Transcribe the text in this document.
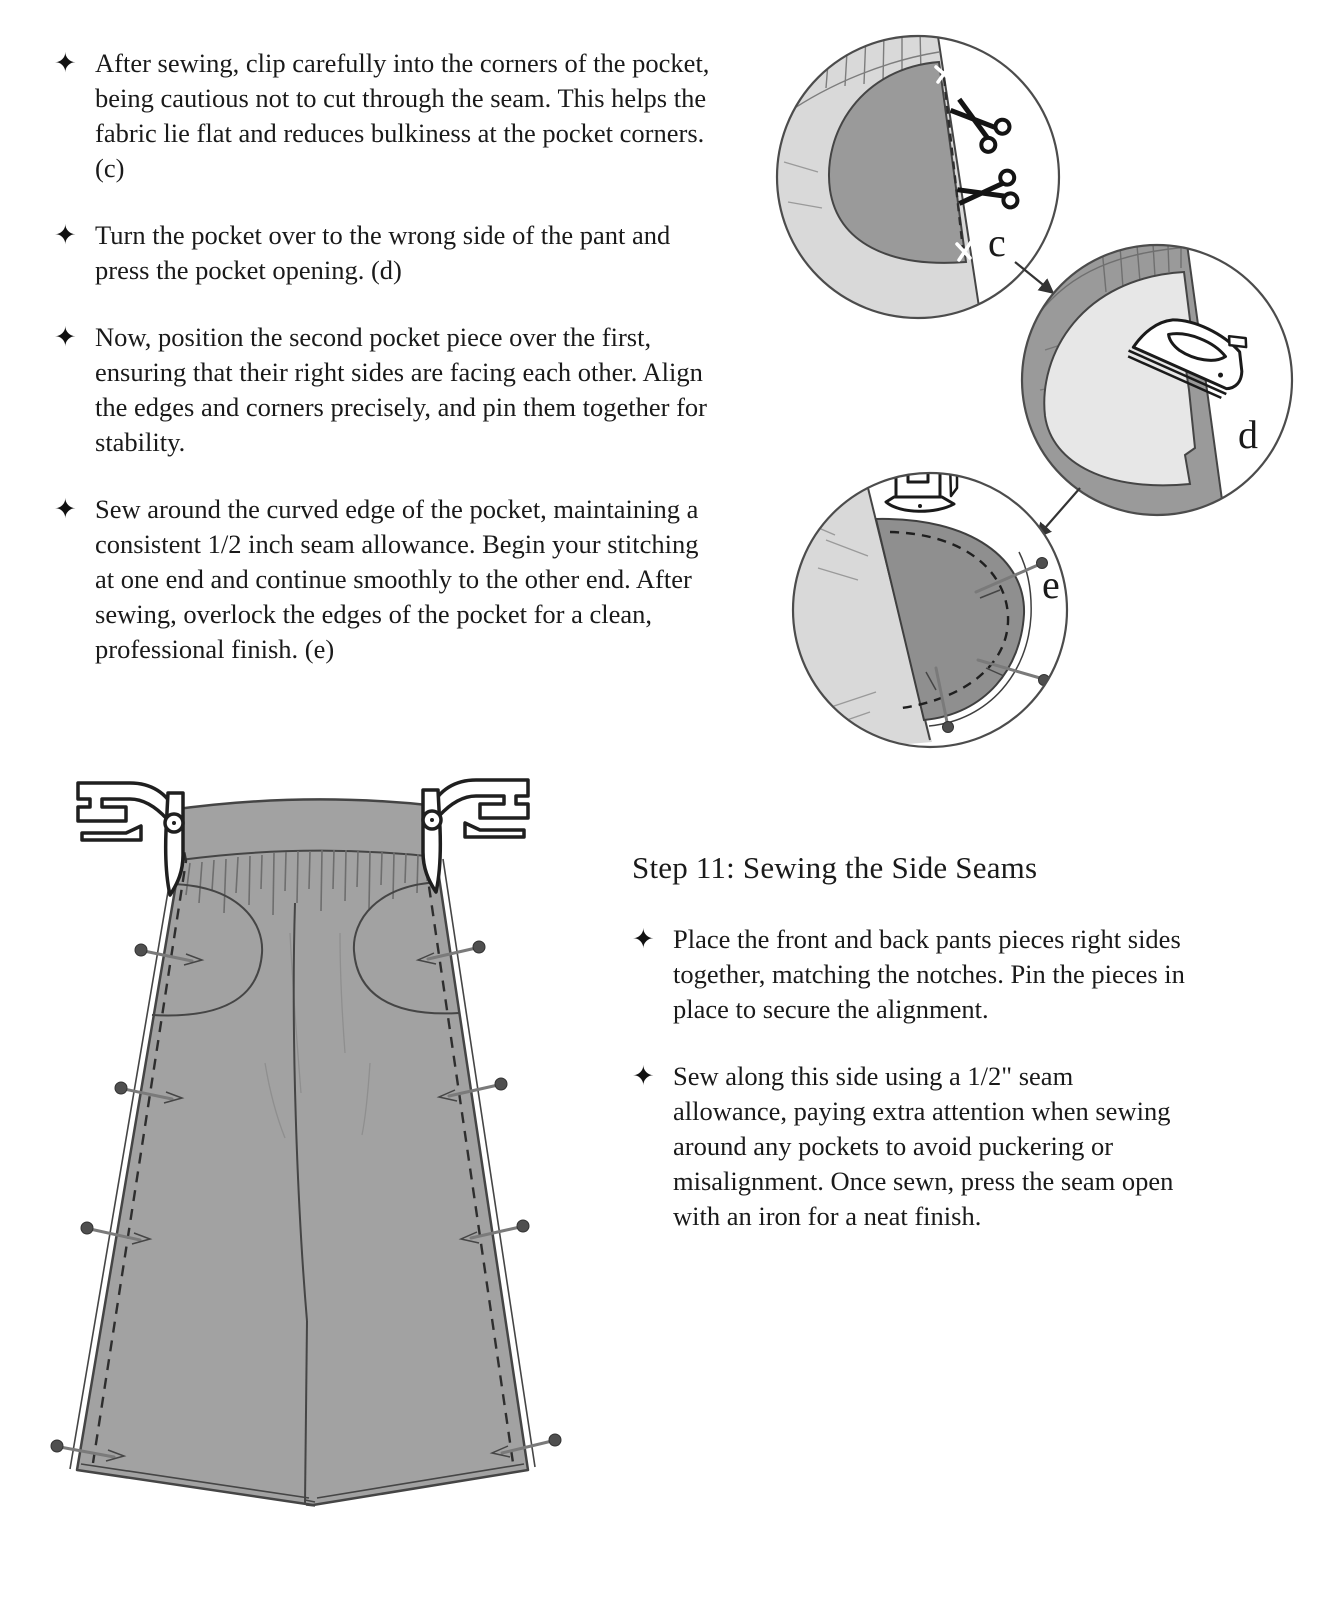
✦ After sewing, clip carefully into the corners of the pocket, being cautious not to cut through the seam. This helps the fabric lie flat and reduces bulkiness at the pocket corners. (c)
✦ Turn the pocket over to the wrong side of the pant and press the pocket opening. (d)
✦ Now, position the second pocket piece over the first, ensuring that their right sides are facing each other. Align the edges and corners precisely, and pin them together for stability.
✦ Sew around the curved edge of the pocket, maintaining a consistent 1/2 inch seam allowance. Begin your stitching at one end and continue smoothly to the other end. After sewing, overlock the edges of the pocket for a clean, professional finish. (e)
Step 11: Sewing the Side Seams
✦ Place the front and back pants pieces right sides together, matching the notches. Pin the pieces in place to secure the alignment.
✦ Sew along this side using a 1/2" seam allowance, paying extra attention when sewing around any pockets to avoid puckering or misalignment. Once sewn, press the seam open with an iron for a neat finish.
c
d
e
